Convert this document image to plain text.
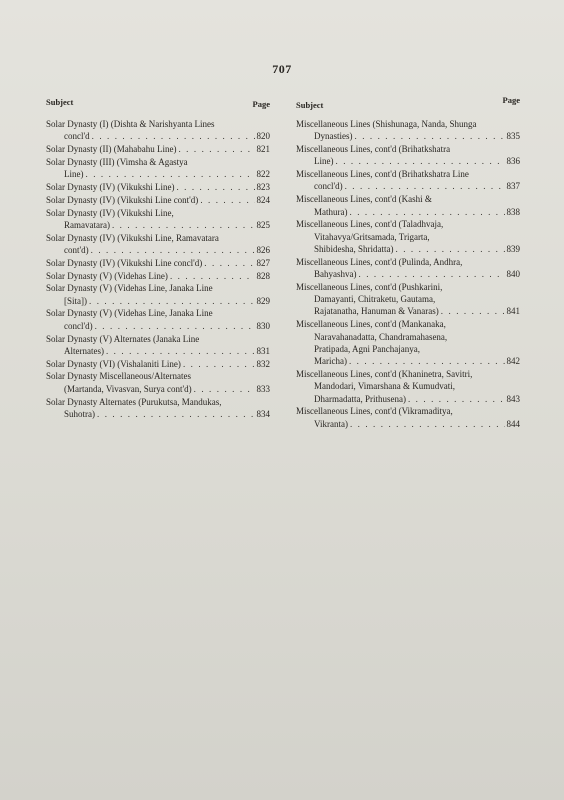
707
Subject	Page
Solar Dynasty (I) (Dishta & Narishyanta Lines
concl'd . . .	820
Solar Dynasty (II) (Mahabahu Line) . . .	821
Solar Dynasty (III) (Vimsha & Agastya
Line) . . .	822
Solar Dynasty (IV) (Vikukshi Line) . . .	823
Solar Dynasty (IV) (Vikukshi Line cont'd) . . .	824
Solar Dynasty (IV) (Vikukshi Line,
Ramavatara) . . .	825
Solar Dynasty (IV) (Vikukshi Line, Ramavatara
cont'd) . . .	826
Solar Dynasty (IV) (Vikukshi Line concl'd) . . .	827
Solar Dynasty (V) (Videhas Line) . . .	828
Solar Dynasty (V) (Videhas Line, Janaka Line
[Sita]) . . .	829
Solar Dynasty (V) (Videhas Line, Janaka Line
concl'd) . . .	830
Solar Dynasty (V) Alternates (Janaka Line
Alternates) . . .	831
Solar Dynasty (VI) (Vishalaniti Line) . . .	832
Solar Dynasty Miscellaneous/Alternates
(Martanda, Vivasvan, Surya cont'd) . . .	833
Solar Dynasty Alternates (Purukutsa, Mandukas,
Suhotra) . . .	834
Subject	Page
Miscellaneous Lines (Shishunaga, Nanda, Shunga
Dynasties) . . .	835
Miscellaneous Lines, cont'd (Brihatkshatra
Line) . . .	836
Miscellaneous Lines, cont'd (Brihatkshatra Line
concl'd) . . .	837
Miscellaneous Lines, cont'd (Kashi &
Mathura) . . .	838
Miscellaneous Lines, cont'd (Taladhvaja,
Vitahavya/Gritsamada, Trigarta,
Shibidesha, Shridatta) . . .	839
Miscellaneous Lines, cont'd (Pulinda, Andhra,
Bahyashva) . . .	840
Miscellaneous Lines, cont'd (Pushkarini,
Damayanti, Chitraketu, Gautama,
Rajatanatha, Hanuman & Vanaras) . . .	841
Miscellaneous Lines, cont'd (Mankanaka,
Naravahanadatta, Chandramahasena,
Pratipada, Agni Panchajanya,
Maricha) . . .	842
Miscellaneous Lines, cont'd (Khaninetra, Savitri,
Mandodari, Vimarshana & Kumudvati,
Dharmadatta, Prithusena) . . .	843
Miscellaneous Lines, cont'd (Vikramaditya,
Vikranta) . . .	844
